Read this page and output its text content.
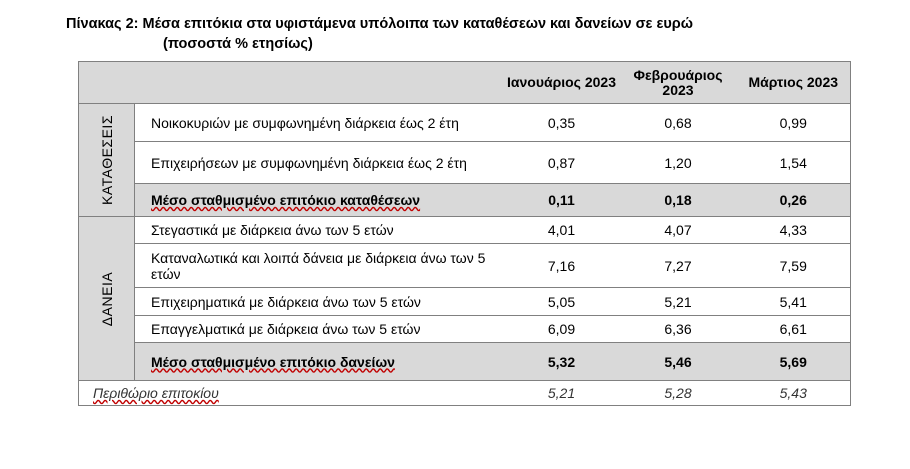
Πίνακας 2: Μέσα επιτόκια στα υφιστάμενα υπόλοιπα των καταθέσεων και δανείων σε ευρώ
(ποσοστά % ετησίως)
		Ιανουάριος 2023	Φεβρουάριος 2023	Μάρτιος 2023

ΚΑΤΑΘΕΣΕΙΣ	Νοικοκυριών με συμφωνημένη διάρκεια έως 2 έτη	0,35	0,68	0,99
	Επιχειρήσεων με συμφωνημένη διάρκεια έως 2 έτη	0,87	1,20	1,54
	Μέσο σταθμισμένο επιτόκιο καταθέσεων	0,11	0,18	0,26

ΔΑΝΕΙΑ	Στεγαστικά με διάρκεια άνω των 5 ετών	4,01	4,07	4,33
	Καταναλωτικά και λοιπά δάνεια με διάρκεια άνω των 5 ετών	7,16	7,27	7,59
	Επιχειρηματικά με διάρκεια άνω των 5 ετών	5,05	5,21	5,41
	Επαγγελματικά με διάρκεια άνω των 5 ετών	6,09	6,36	6,61
	Μέσο σταθμισμένο επιτόκιο δανείων	5,32	5,46	5,69
Περιθώριο επιτοκίου		5,21	5,28	5,43
